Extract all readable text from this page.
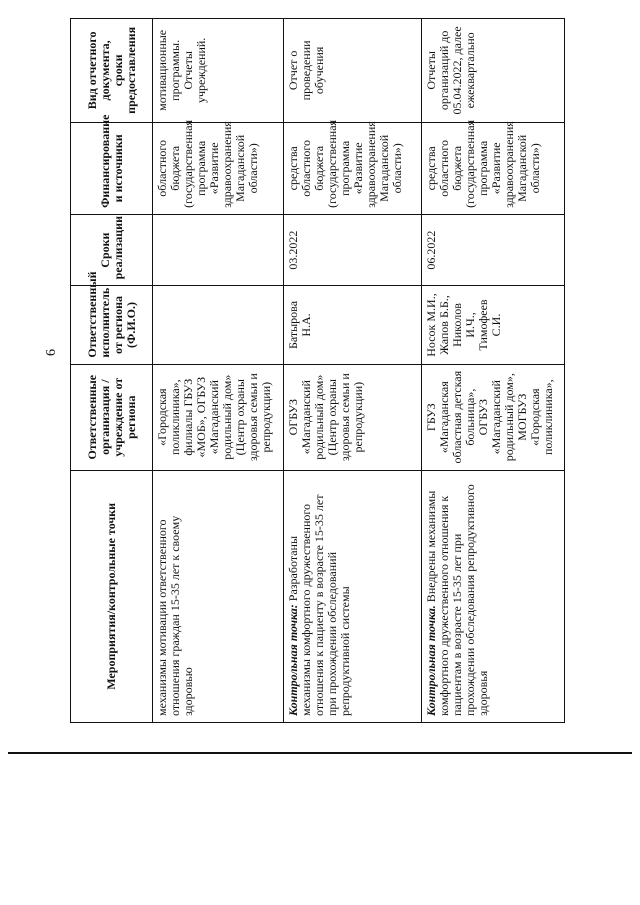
6
Мероприятия/контрольные точки	Ответственные организация / учреждение от региона	Ответственный исполнитель от региона (Ф.И.О.)	Сроки реализации	Финансирование и источники	Вид отчетного документа, сроки предоставления
механизмы мотивации ответственного отношения граждан 15-35 лет к своему здоровью	«Городская поликлиника», филиалы ГБУЗ «МОБ», ОГБУЗ «Магаданский родильный дом» (Центр охраны здоровья семьи и репродукции)			областного бюджета (государственная программа «Развитие здравоохранения Магаданской области»)	мотивационные программы. Отчеты учреждений.
Контрольная точка: Разработаны механизмы комфортного дружественного отношения к пациенту в возрасте 15-35 лет при прохождении обследований репродуктивной системы	ОГБУЗ «Магаданский родильный дом» (Центр охраны здоровья семьи и репродукции)	Батырова Н.А.	03.2022	средства областного бюджета (государственная программа «Развитие здравоохранения Магаданской области»)	Отчет о проведении обучения
Контрольная точка. Внедрены механизмы комфортного дружественного отношения к пациентам в возрасте 15-35 лет при прохождении обследования репродуктивного здоровья	ГБУЗ «Магаданская областная детская больница», ОГБУЗ «Магаданский родильный дом», МОГБУЗ «Городская поликлиника»,	Носок М.И., Жапов Б.Б., Николов И.Ч., Тимофеев С.И.	06.2022	средства областного бюджета (государственная программа «Развитие здравоохранения Магаданской области»)	Отчеты организаций до 05.04.2022, далее ежеквартально
